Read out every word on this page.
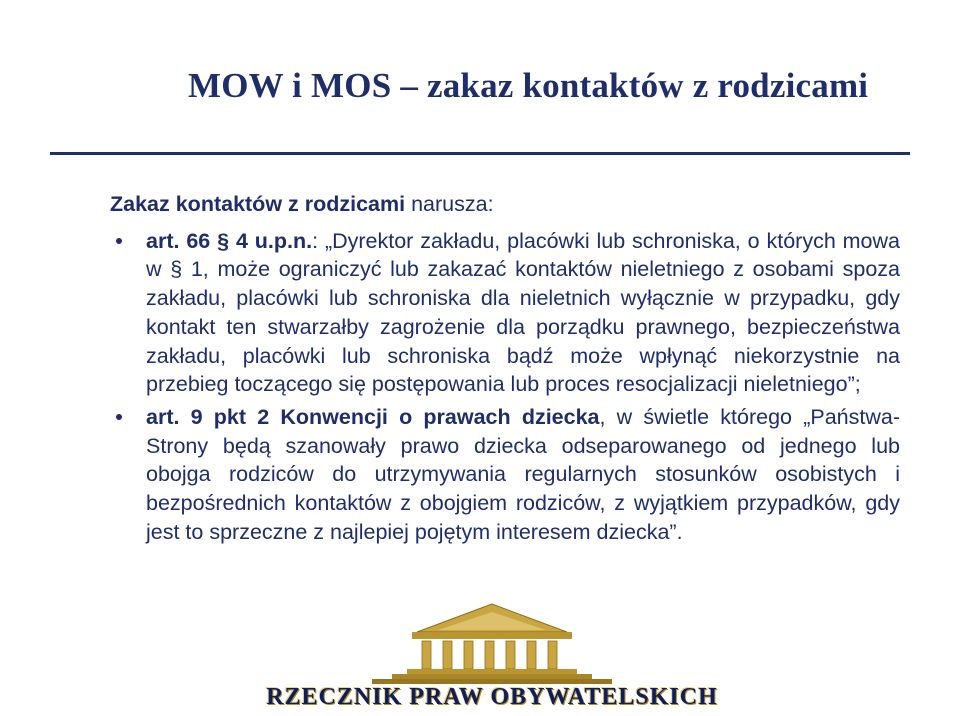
MOW i MOS – zakaz kontaktów z rodzicami

Zakaz kontaktów z rodzicami narusza:

art. 66 § 4 u.p.n.: „Dyrektor zakładu, placówki lub schroniska, o których mowa w § 1, może ograniczyć lub zakazać kontaktów nieletniego z osobami spoza zakładu, placówki lub schroniska dla nieletnich wyłącznie w przypadku, gdy kontakt ten stwarzałby zagrożenie dla porządku prawnego, bezpieczeństwa zakładu, placówki lub schroniska bądź może wpłynąć niekorzystnie na przebieg toczącego się postępowania lub proces resocjalizacji nieletniego”;
art. 9 pkt 2 Konwencji o prawach dziecka, w świetle którego „Państwa-Strony będą szanowały prawo dziecka odseparowanego od jednego lub obojga rodziców do utrzymywania regularnych stosunków osobistych i bezpośrednich kontaktów z obojgiem rodziców, z wyjątkiem przypadków, gdy jest to sprzeczne z najlepiej pojętym interesem dziecka”.
RZECZNIK PRAW OBYWATELSKICH
